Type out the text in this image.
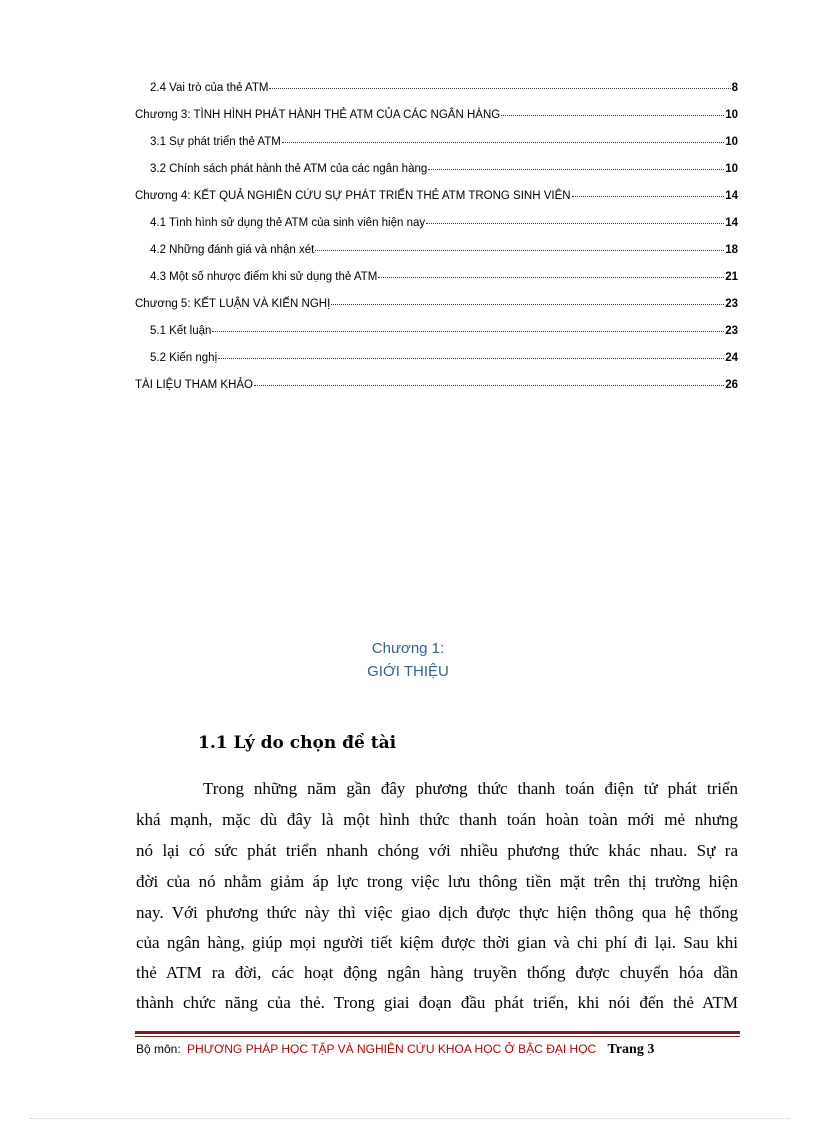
2.4 Vai trò của thẻ ATM	8
Chương 3: TÌNH HÌNH PHÁT HÀNH THẺ ATM CỦA CÁC NGÂN HÀNG	10
3.1 Sự phát triển thẻ ATM	10
3.2 Chính sách phát hành thẻ ATM của các ngân hàng	10
Chương 4: KẾT QUẢ NGHIÊN CỨU SỰ PHÁT TRIỂN THẺ ATM TRONG SINH VIÊN	14
4.1 Tình hình sử dụng thẻ ATM của sinh viên hiện nay	14
4.2 Những đánh giá và nhận xét	18
4.3 Một số nhược điểm khi sử dụng thẻ ATM	21
Chương 5: KẾT LUẬN VÀ KIẾN NGHỊ	23
5.1 Kết luận	23
5.2 Kiến nghị	24
TÀI LIỆU THAM KHẢO	26
Chương 1:
GIỚI THIỆU
1.1 Lý do chọn đề tài
Trong những năm gần đây phương thức thanh toán điện tử phát triển
khá mạnh, mặc dù đây là một hình thức thanh toán hoàn toàn mới mẻ nhưng
nó lại có sức phát triển nhanh chóng với nhiều phương thức khác nhau. Sự ra
đời của nó nhằm giảm áp lực trong việc lưu thông tiền mặt trên thị trường hiện
nay. Với phương thức này thì việc giao dịch được thực hiện thông qua hệ thống
của ngân hàng, giúp mọi người tiết kiệm được thời gian và chi phí đi lại. Sau khi
thẻ ATM ra đời, các hoạt động ngân hàng truyền thống được chuyển hóa dần
thành chức năng của thẻ. Trong giai đoạn đầu phát triển, khi nói đến thẻ ATM
Bộ môn: PHƯƠNG PHÁP HỌC TẬP VÀ NGHIÊN CỨU KHOA HỌC Ở BẬC ĐẠI HỌC Trang 3
